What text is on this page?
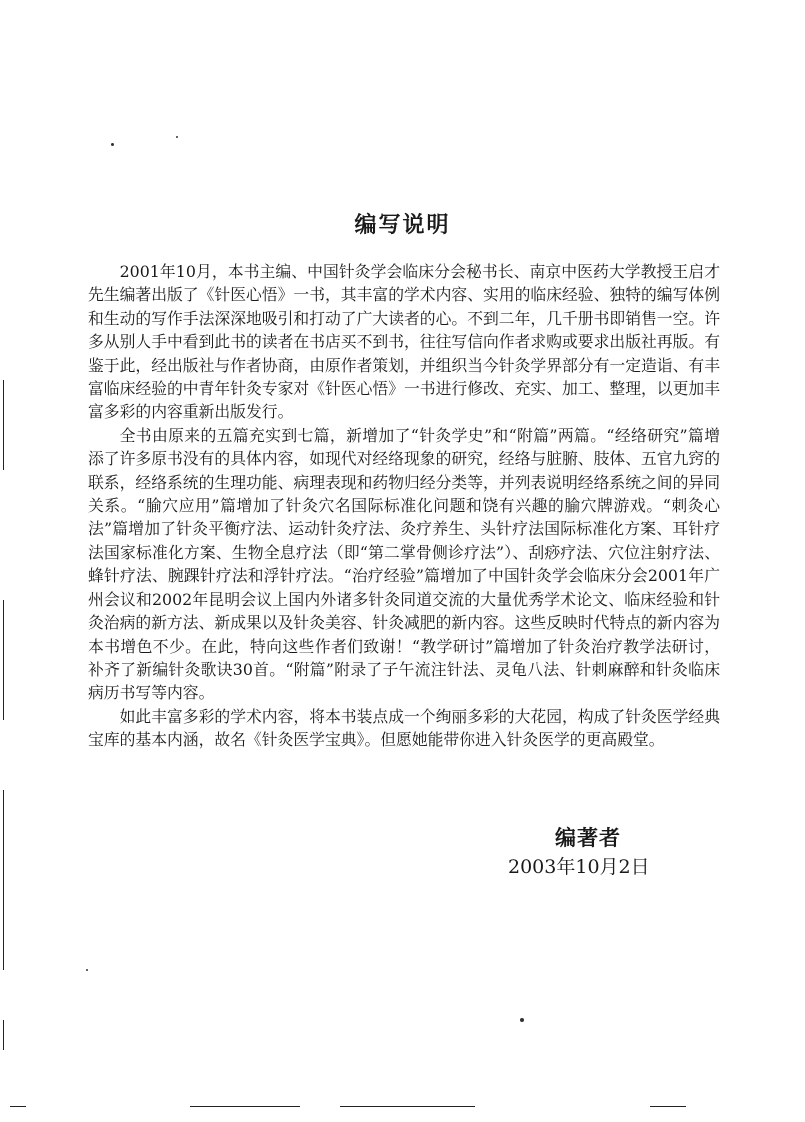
编写说明

2001年10月，本书主编、中国针灸学会临床分会秘书长、南京中医药大学教授王启才先生编著出版了《针医心悟》一书，其丰富的学术内容、实用的临床经验、独特的编写体例和生动的写作手法深深地吸引和打动了广大读者的心。不到二年，几千册书即销售一空。许多从别人手中看到此书的读者在书店买不到书，往往写信向作者求购或要求出版社再版。有鉴于此，经出版社与作者协商，由原作者策划，并组织当今针灸学界部分有一定造诣、有丰富临床经验的中青年针灸专家对《针医心悟》一书进行修改、充实、加工、整理，以更加丰富多彩的内容重新出版发行。

全书由原来的五篇充实到七篇，新增加了“针灸学史”和“附篇”两篇。“经络研究”篇增添了许多原书没有的具体内容，如现代对经络现象的研究，经络与脏腑、肢体、五官九窍的联系，经络系统的生理功能、病理表现和药物归经分类等，并列表说明经络系统之间的异同关系。“腧穴应用”篇增加了针灸穴名国际标准化问题和饶有兴趣的腧穴牌游戏。“刺灸心法”篇增加了针灸平衡疗法、运动针灸疗法、灸疗养生、头针疗法国际标准化方案、耳针疗法国家标准化方案、生物全息疗法（即“第二掌骨侧诊疗法”）、刮痧疗法、穴位注射疗法、蜂针疗法、腕踝针疗法和浮针疗法。“治疗经验”篇增加了中国针灸学会临床分会2001年广州会议和2002年昆明会议上国内外诸多针灸同道交流的大量优秀学术论文、临床经验和针灸治病的新方法、新成果以及针灸美容、针灸减肥的新内容。这些反映时代特点的新内容为本书增色不少。在此，特向这些作者们致谢！“教学研讨”篇增加了针灸治疗教学法研讨，补齐了新编针灸歌诀30首。“附篇”附录了子午流注针法、灵龟八法、针刺麻醉和针灸临床病历书写等内容。

如此丰富多彩的学术内容，将本书装点成一个绚丽多彩的大花园，构成了针灸医学经典宝库的基本内涵，故名《针灸医学宝典》。但愿她能带你进入针灸医学的更高殿堂。

编著者
2003年10月2日
